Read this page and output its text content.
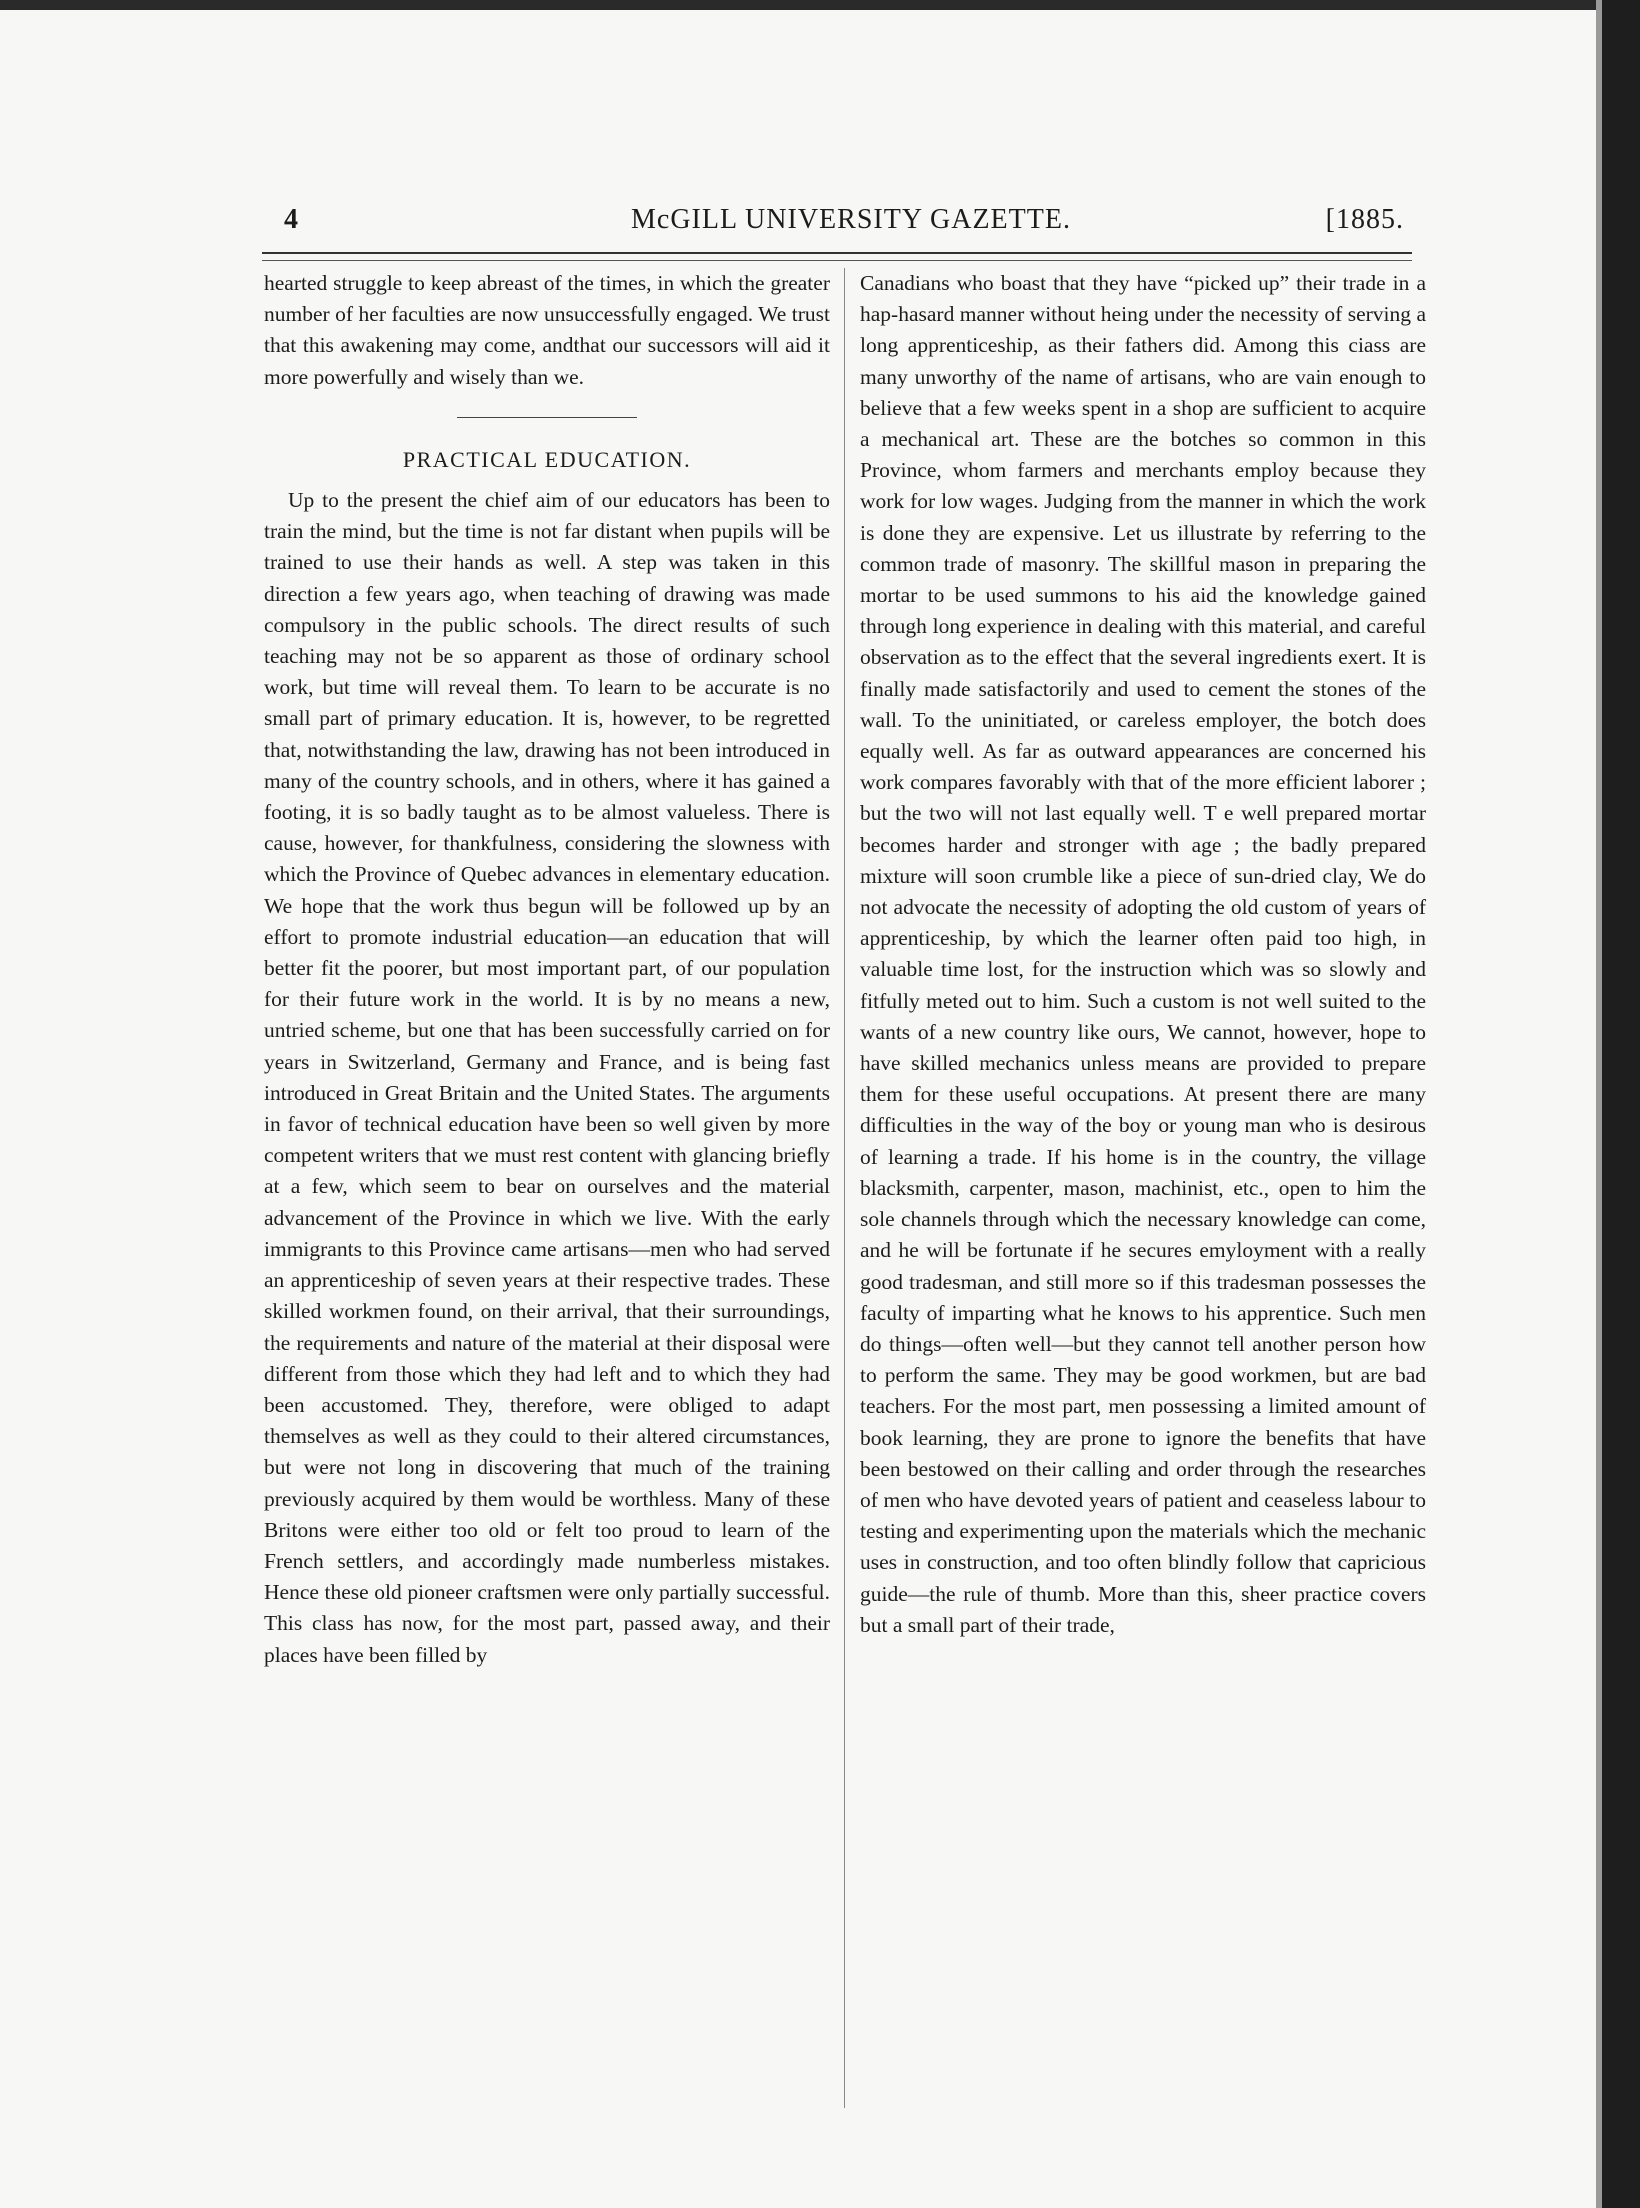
4	McGILL UNIVERSITY GAZETTE.	[1885.

hearted struggle to keep abreast of the times, in which the greater number of her faculties are now unsuccessfully engaged. We trust that this awakening may come, andthat our successors will aid it more powerfully and wisely than we.

PRACTICAL EDUCATION.

Up to the present the chief aim of our educators has been to train the mind, but the time is not far distant when pupils will be trained to use their hands as well. A step was taken in this direction a few years ago, when teaching of drawing was made compulsory in the public schools. The direct results of such teaching may not be so apparent as those of ordinary school work, but time will reveal them. To learn to be accurate is no small part of primary education. It is, however, to be regretted that, notwithstanding the law, drawing has not been introduced in many of the country schools, and in others, where it has gained a footing, it is so badly taught as to be almost valueless. There is cause, however, for thankfulness, considering the slowness with which the Province of Quebec advances in elementary education. We hope that the work thus begun will be followed up by an effort to promote industrial education—an education that will better fit the poorer, but most important part, of our population for their future work in the world. It is by no means a new, untried scheme, but one that has been successfully carried on for years in Switzerland, Germany and France, and is being fast introduced in Great Britain and the United States. The arguments in favor of technical education have been so well given by more competent writers that we must rest content with glancing briefly at a few, which seem to bear on ourselves and the material advancement of the Province in which we live. With the early immigrants to this Province came artisans—men who had served an apprenticeship of seven years at their respective trades. These skilled workmen found, on their arrival, that their surroundings, the requirements and nature of the material at their disposal were different from those which they had left and to which they had been accustomed. They, therefore, were obliged to adapt themselves as well as they could to their altered circumstances, but were not long in discovering that much of the training previously acquired by them would be worthless. Many of these Britons were either too old or felt too proud to learn of the French settlers, and accordingly made numberless mistakes. Hence these old pioneer craftsmen were only partially successful. This class has now, for the most part, passed away, and their places have been filled by

Canadians who boast that they have “picked up” their trade in a hap-hasard manner without heing under the necessity of serving a long apprenticeship, as their fathers did. Among this ciass are many unworthy of the name of artisans, who are vain enough to believe that a few weeks spent in a shop are sufficient to acquire a mechanical art. These are the botches so common in this Province, whom farmers and merchants employ because they work for low wages. Judging from the manner in which the work is done they are expensive. Let us illustrate by referring to the common trade of masonry. The skillful mason in preparing the mortar to be used summons to his aid the knowledge gained through long experience in dealing with this material, and careful observation as to the effect that the several ingredients exert. It is finally made satisfactorily and used to cement the stones of the wall. To the uninitiated, or careless employer, the botch does equally well. As far as outward appearances are concerned his work compares favorably with that of the more efficient laborer ; but the two will not last equally well. T e well prepared mortar becomes harder and stronger with age ; the badly prepared mixture will soon crumble like a piece of sun-dried clay, We do not advocate the necessity of adopting the old custom of years of apprenticeship, by which the learner often paid too high, in valuable time lost, for the instruction which was so slowly and fitfully meted out to him. Such a custom is not well suited to the wants of a new country like ours, We cannot, however, hope to have skilled mechanics unless means are provided to prepare them for these useful occupations. At present there are many difficulties in the way of the boy or young man who is desirous of learning a trade. If his home is in the country, the village blacksmith, carpenter, mason, machinist, etc., open to him the sole channels through which the necessary knowledge can come, and he will be fortunate if he secures emyloyment with a really good tradesman, and still more so if this tradesman possesses the faculty of imparting what he knows to his apprentice. Such men do things—often well—but they cannot tell another person how to perform the same. They may be good workmen, but are bad teachers. For the most part, men possessing a limited amount of book learning, they are prone to ignore the benefits that have been bestowed on their calling and order through the researches of men who have devoted years of patient and ceaseless labour to testing and experimenting upon the materials which the mechanic uses in construction, and too often blindly follow that capricious guide—the rule of thumb. More than this, sheer practice covers but a small part of their trade,
